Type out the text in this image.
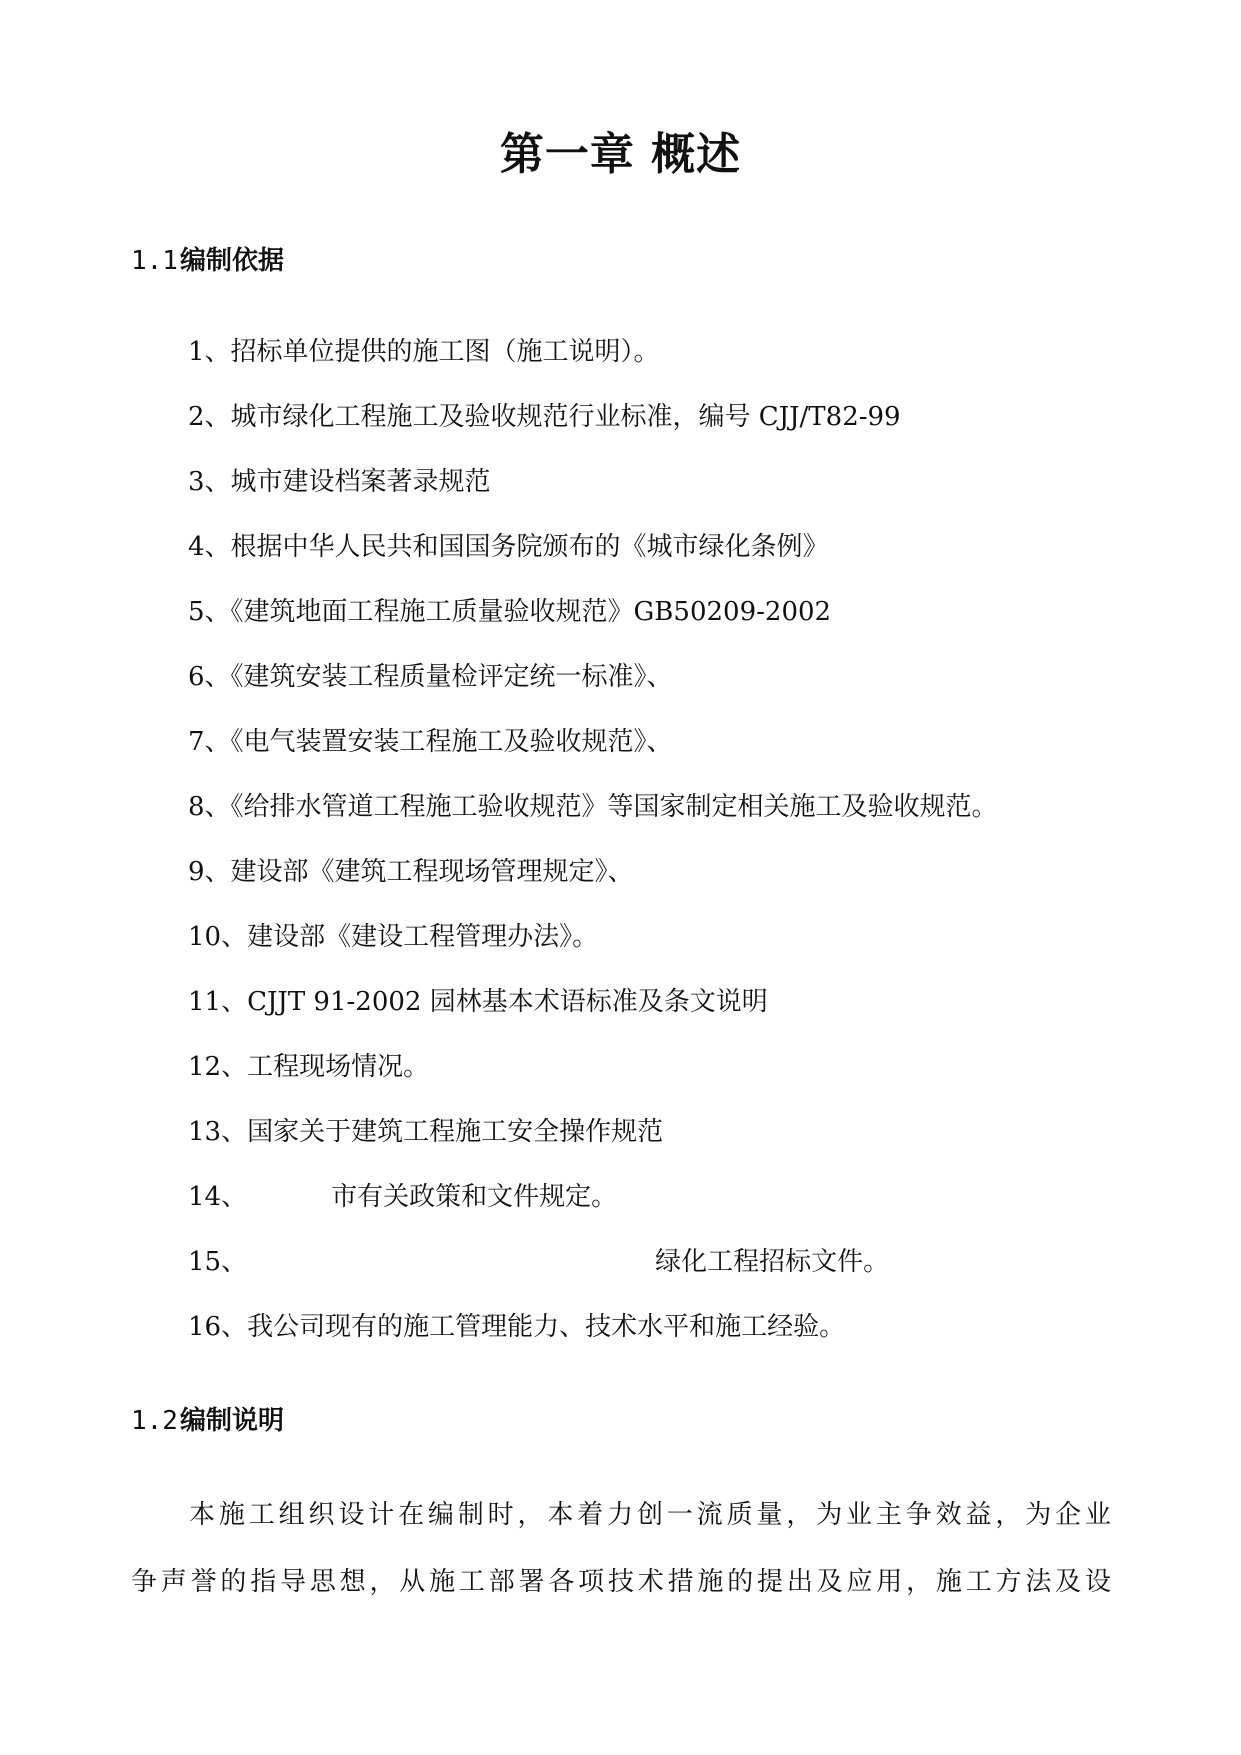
第一章 概述
1.1编制依据
1、招标单位提供的施工图（施工说明）。
2、城市绿化工程施工及验收规范行业标准，编号 CJJ/T82-99
3、城市建设档案著录规范
4、根据中华人民共和国国务院颁布的《城市绿化条例》
5、《建筑地面工程施工质量验收规范》GB50209-2002
6、《建筑安装工程质量检评定统一标准》、
7、《电气装置安装工程施工及验收规范》、
8、《给排水管道工程施工验收规范》等国家制定相关施工及验收规范。
9、建设部《建筑工程现场管理规定》、
10、建设部《建设工程管理办法》。
11、CJJT 91-2002 园林基本术语标准及条文说明
12、工程现场情况。
13、国家关于建筑工程施工安全操作规范
14、	市有关政策和文件规定。
15、	绿化工程招标文件。
16、我公司现有的施工管理能力、技术水平和施工经验。
1.2编制说明

本施工组织设计在编制时，本着力创一流质量，为业主争效益，为企业
争声誉的指导思想，从施工部署各项技术措施的提出及应用，施工方法及设
